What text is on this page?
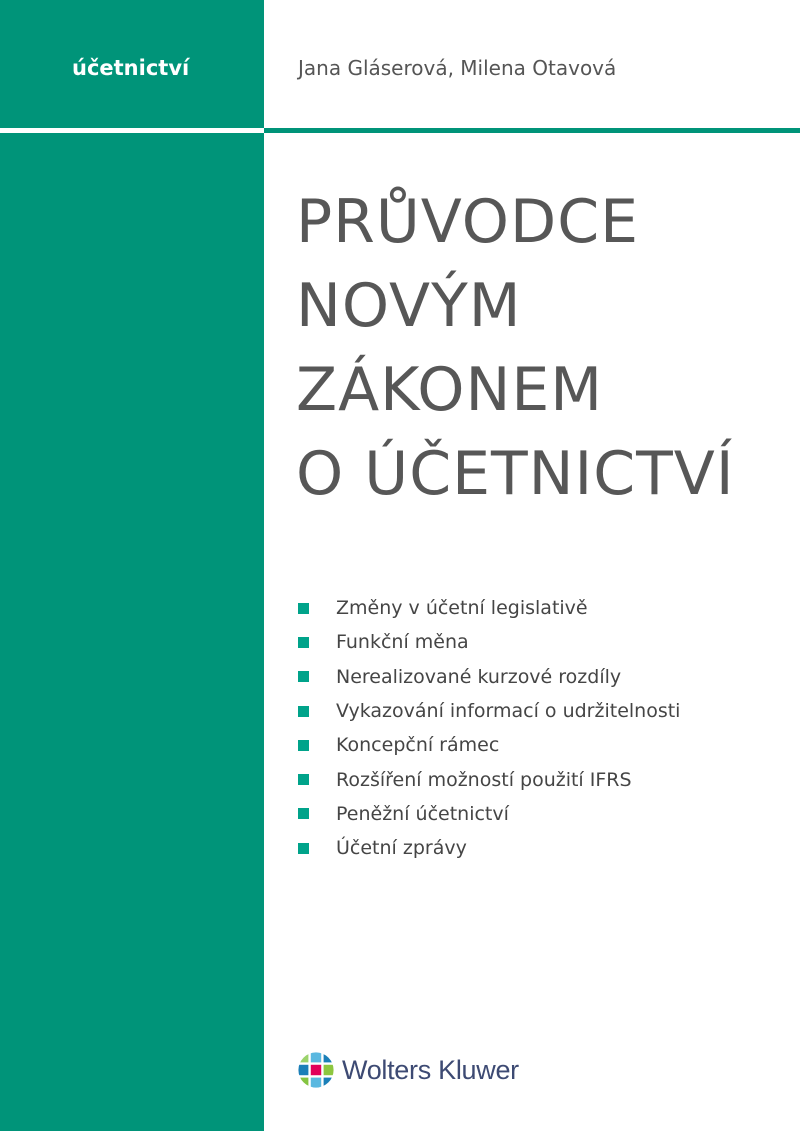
účetnictví	Jana Gláserová, Milena Otavová
PRŮVODCE
NOVÝM
ZÁKONEM
O ÚČETNICTVÍ
Změny v účetní legislativě
Funkční měna
Nerealizované kurzové rozdíly
Vykazování informací o udržitelnosti
Koncepční rámec
Rozšíření možností použití IFRS
Peněžní účetnictví
Účetní zprávy
Wolters Kluwer
